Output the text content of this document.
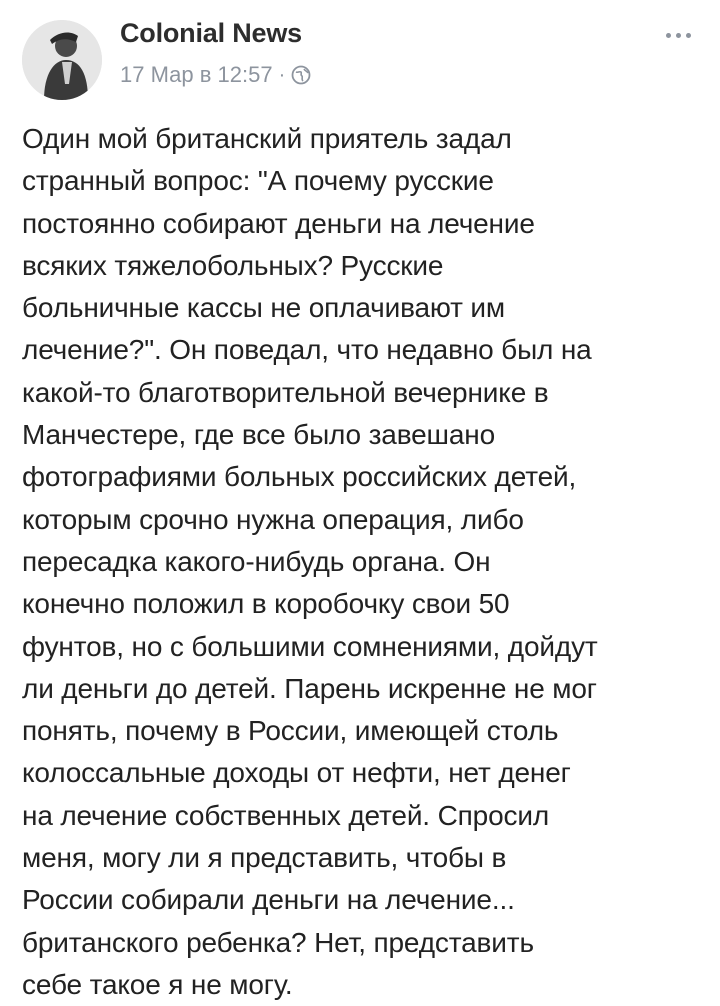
Colonial News
17 Мар в 12:57 ·
Один мой британский приятель задал
странный вопрос: "А почему русские
постоянно собирают деньги на лечение
всяких тяжелобольных? Русские
больничные кассы не оплачивают им
лечение?". Он поведал, что недавно был на
какой-то благотворительной вечернике в
Манчестере, где все было завешано
фотографиями больных российских детей,
которым срочно нужна операция, либо
пересадка какого-нибудь органа. Он
конечно положил в коробочку свои 50
фунтов, но с большими сомнениями, дойдут
ли деньги до детей. Парень искренне не мог
понять, почему в России, имеющей столь
колоссальные доходы от нефти, нет денег
на лечение собственных детей. Спросил
меня, могу ли я представить, чтобы в
России собирали деньги на лечение...
британского ребенка? Нет, представить
себе такое я не могу.
